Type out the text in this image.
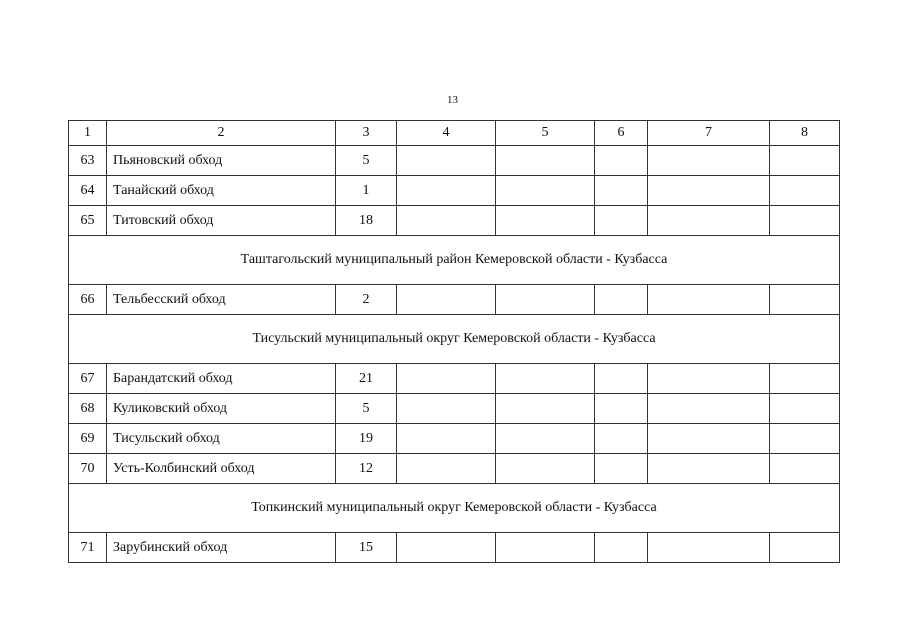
13
1	2	3	4	5	6	7	8
63	Пьяновский обход	5					
64	Танайский обход	1					
65	Титовский обход	18					
Таштагольский муниципальный район Кемеровской области - Кузбасса							
66	Тельбесский обход	2					
Тисульский муниципальный округ Кемеровской области - Кузбасса							
67	Барандатский обход	21					
68	Куликовский обход	5					
69	Тисульский обход	19					
70	Усть-Колбинский обход	12					
Топкинский муниципальный округ Кемеровской области - Кузбасса							
71	Зарубинский обход	15					
